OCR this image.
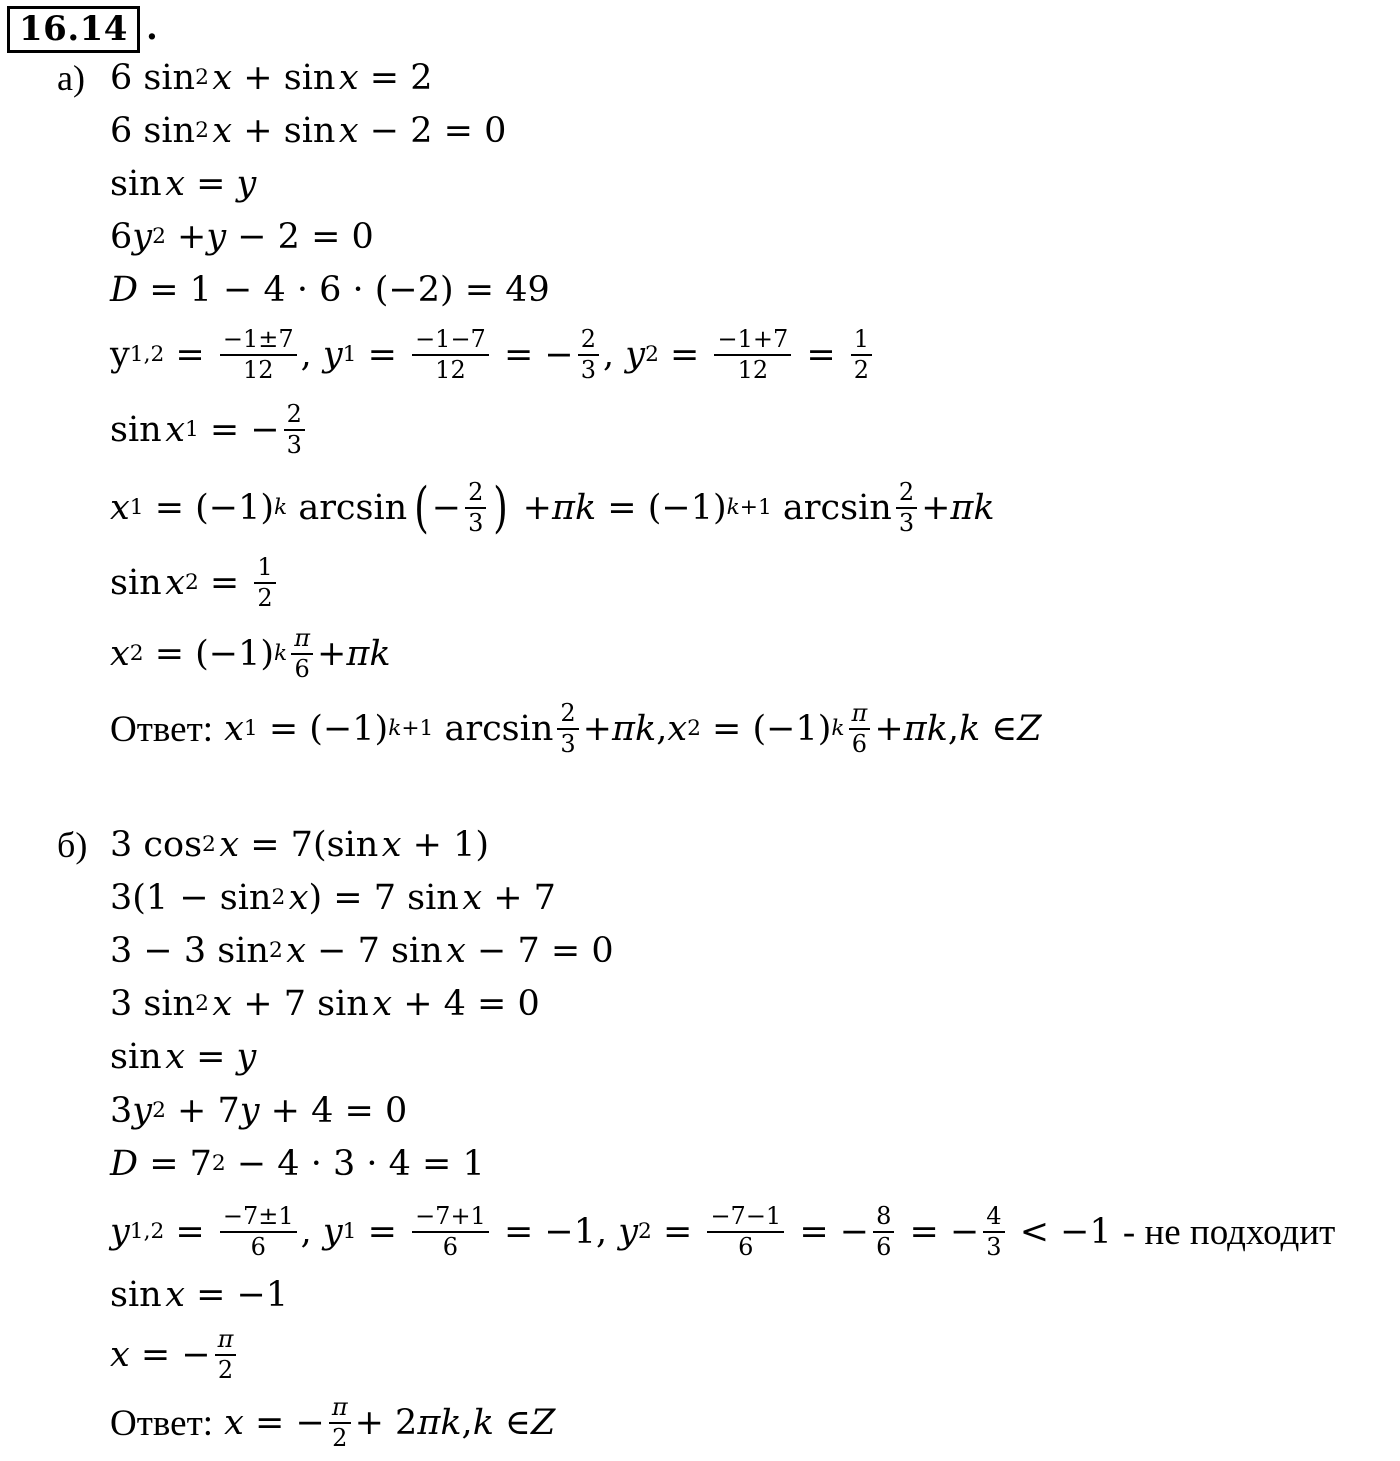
16.14 .
а) 6 sin 2
  x + sin  x = 2
6 sin 2
  x + sin  x − 2 = 0
sin  x = y
6 y 2 + y − 2 = 0
D = 1 − 4 · 6 · (−2) = 49
y $1,2 = \frac{-1\pm 7}{12}$ , y $1 = \frac{-1-7}{12}$ = − $\frac{2}{3}$ , y $2 = \frac{-1+7}{12} = \frac{1}{2}$
sin  x 1 = − $\frac{2}{3}$
x 1 = (−1) k arcsin  ( − $\frac{2}{3}$ ) + πk = (−1) k+1 $\arcsin \frac{2}{3} + \pi k$
sin  x $2 = \frac{1}{2}$
x 2 = (−1) k $\frac{\pi}{6} + \pi k$
Ответ:
x 1 = (−1) k+1 $\arcsin \frac{2}{3} + \pi k$ , x 2 = (−1) k $\frac{\pi}{6} + \pi k$ , k ∈ Z
б) 3 cos 2
  x = 7(sin  x + 1)
3(1 − sin 2
  x ) = 7 sin  x + 7
3 − 3 sin 2
  x − 7 sin  x − 7 = 0
3 sin 2
  x + 7 sin  x + 4 = 0
sin  x = y
3 y 2 + 7 y + 4 = 0
D = 7 2 − 4 · 3 · 4 = 1
y $1,2 = \frac{-7\pm 1}{6}$ , y $1 = \frac{-7+1}{6} = -1$, y $2 = \frac{-7-1}{6}$ = − $\frac{8}{6}$ = − $\frac{4}{3} < -1$ - не подходит
sin  x = −1
x = − $\frac{\pi}{2}$
Ответ:
x = − $\frac{\pi}{2} + 2$ πk , k ∈ Z
